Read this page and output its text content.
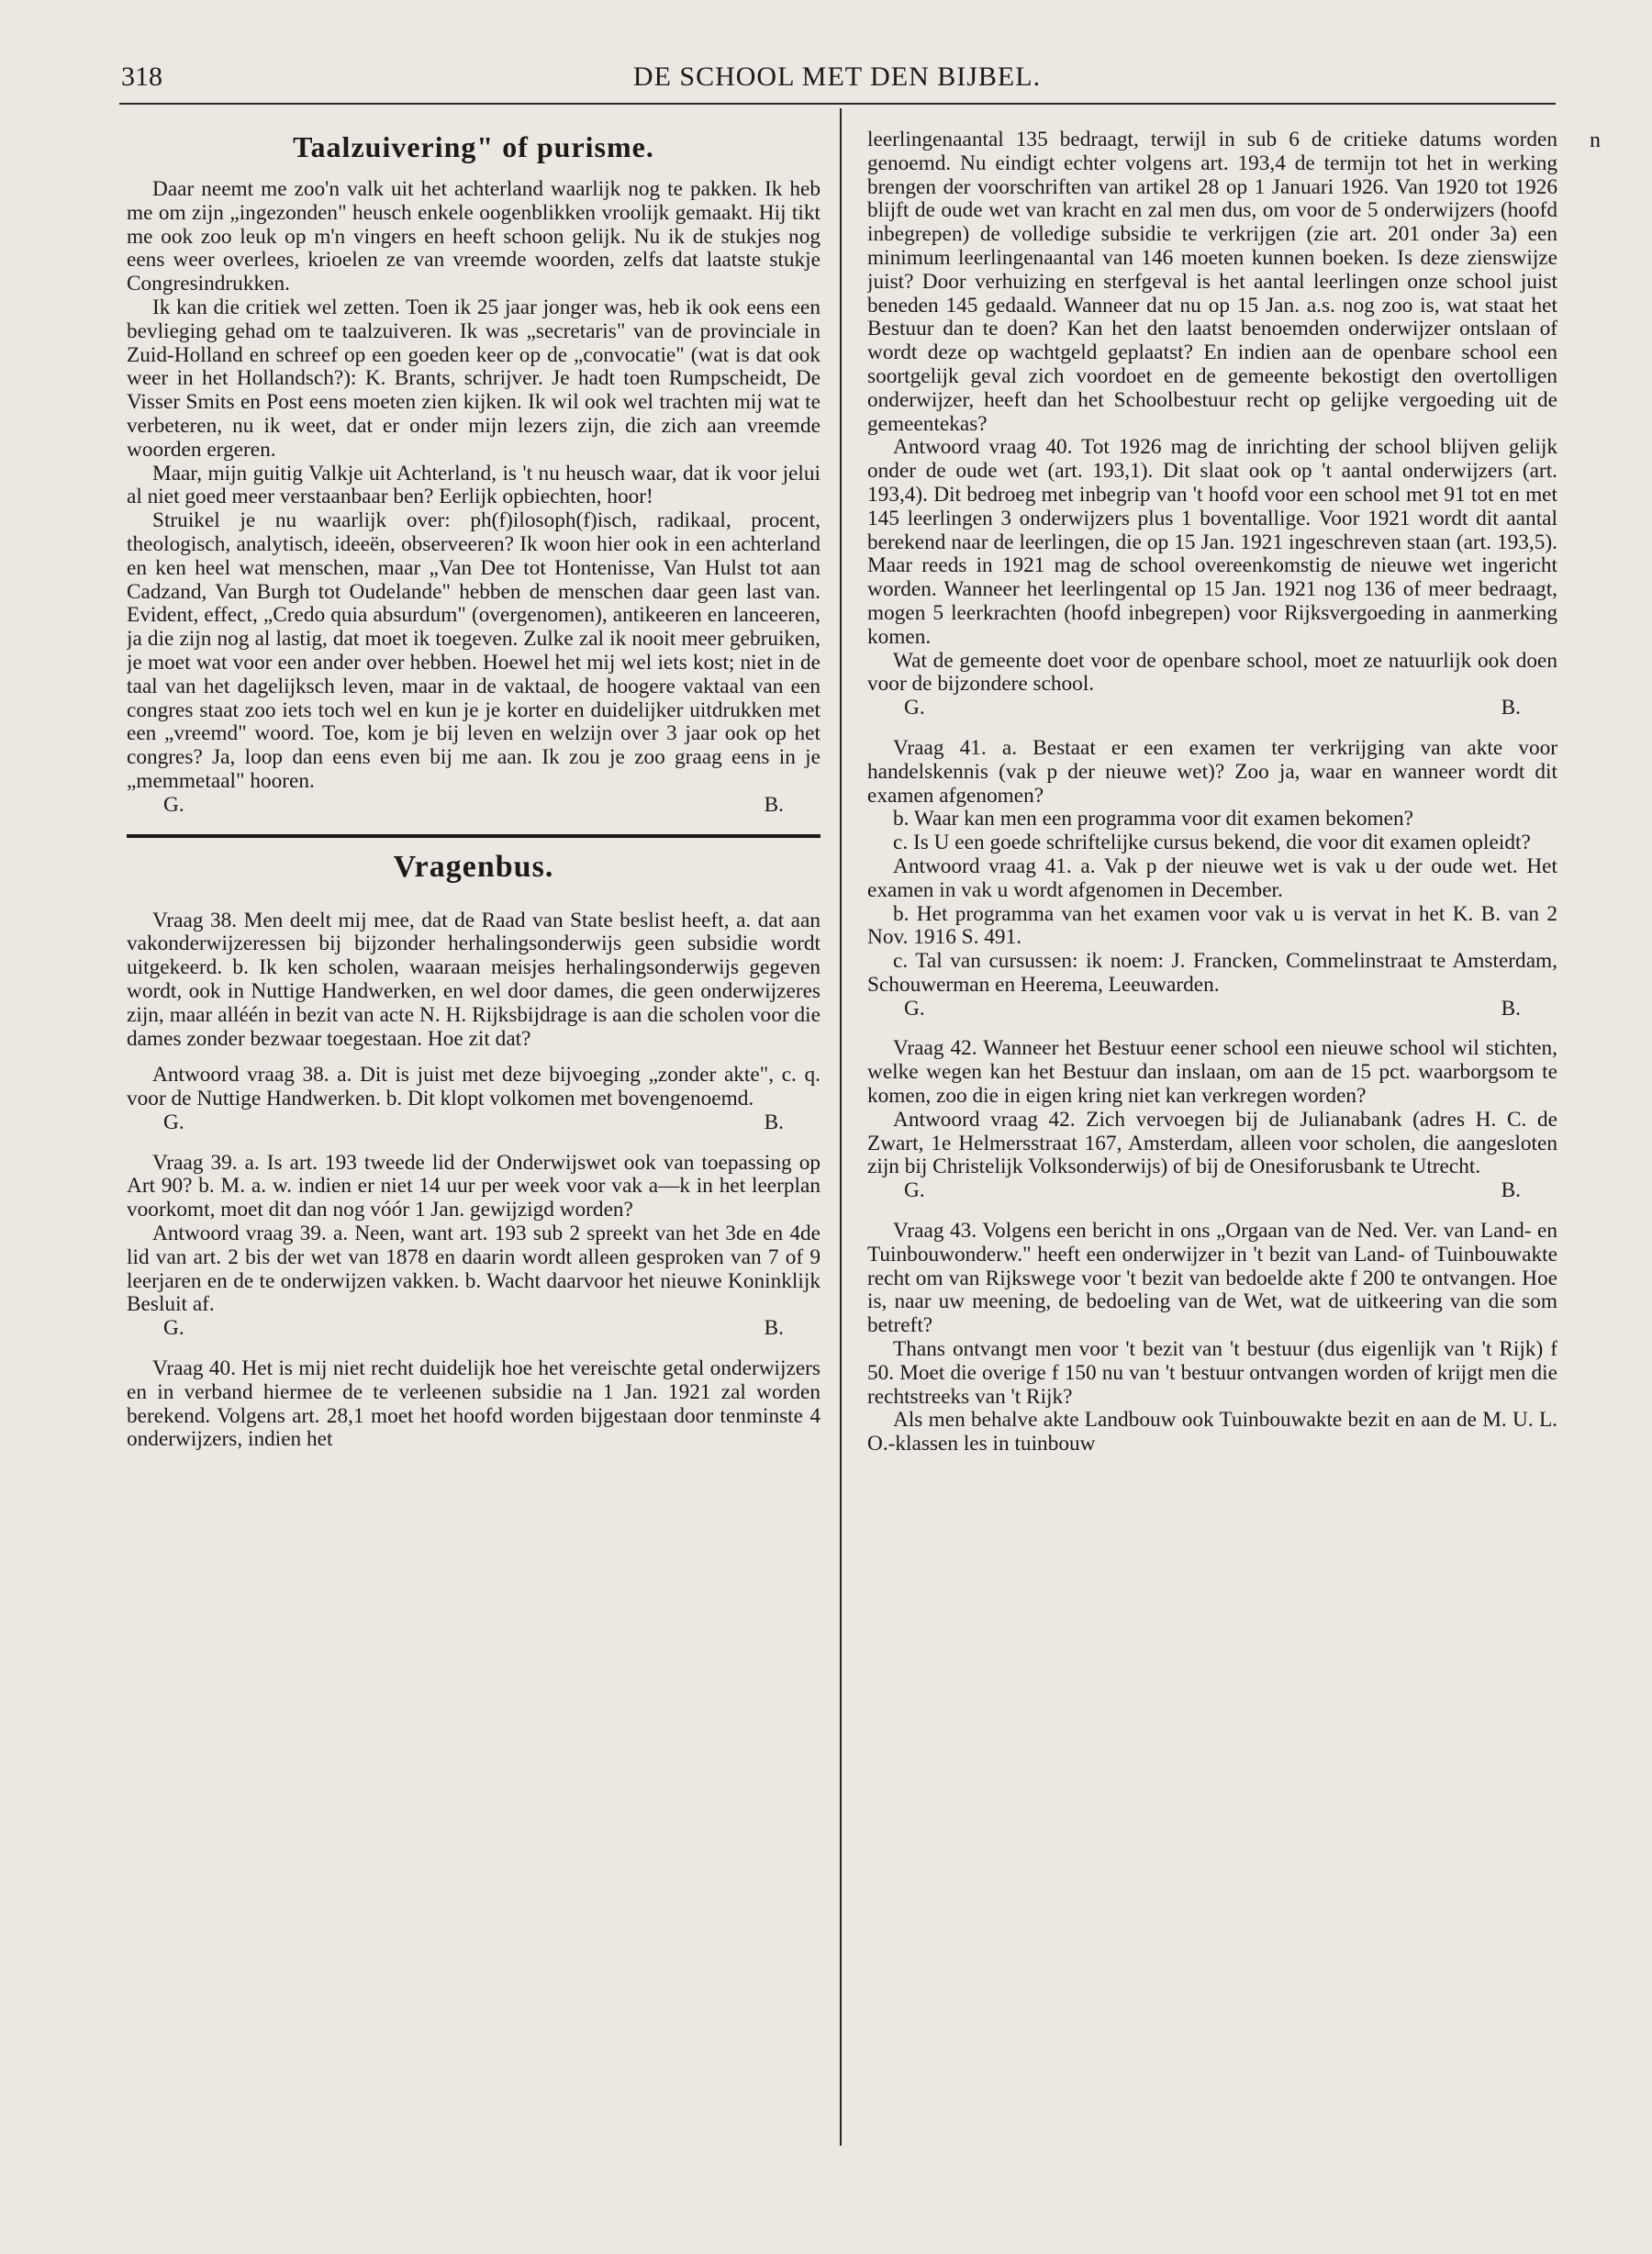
318	DE SCHOOL MET DEN BIJBEL.
n
Taalzuivering" of purisme.

Daar neemt me zoo'n valk uit het achterland waarlijk nog te pakken. Ik heb me om zijn „ingezonden" heusch enkele oogenblikken vroolijk gemaakt. Hij tikt me ook zoo leuk op m'n vingers en heeft schoon gelijk. Nu ik de stukjes nog eens weer overlees, krioelen ze van vreemde woorden, zelfs dat laatste stukje Congresindrukken.

Ik kan die critiek wel zetten. Toen ik 25 jaar jonger was, heb ik ook eens een bevlieging gehad om te taalzuiveren. Ik was „secretaris" van de provinciale in Zuid-Holland en schreef op een goeden keer op de „convocatie" (wat is dat ook weer in het Hollandsch?): K. Brants, schrijver. Je hadt toen Rumpscheidt, De Visser Smits en Post eens moeten zien kijken. Ik wil ook wel trachten mij wat te verbeteren, nu ik weet, dat er onder mijn lezers zijn, die zich aan vreemde woorden ergeren.

Maar, mijn guitig Valkje uit Achterland, is 't nu heusch waar, dat ik voor jelui al niet goed meer verstaanbaar ben? Eerlijk opbiechten, hoor!

Struikel je nu waarlijk over: ph(f)ilosoph(f)isch, radikaal, procent, theologisch, analytisch, ideeën, observeeren? Ik woon hier ook in een achterland en ken heel wat menschen, maar „Van Dee tot Hontenisse, Van Hulst tot aan Cadzand, Van Burgh tot Oudelande" hebben de menschen daar geen last van. Evident, effect, „Credo quia absurdum" (overgenomen), antikeeren en lanceeren, ja die zijn nog al lastig, dat moet ik toegeven. Zulke zal ik nooit meer gebruiken, je moet wat voor een ander over hebben. Hoewel het mij wel iets kost; niet in de taal van het dagelijksch leven, maar in de vaktaal, de hoogere vaktaal van een congres staat zoo iets toch wel en kun je je korter en duidelijker uitdrukken met een „vreemd" woord. Toe, kom je bij leven en welzijn over 3 jaar ook op het congres? Ja, loop dan eens even bij me aan. Ik zou je zoo graag eens in je „memmetaal" hooren.

G.	B.
Vragenbus.

Vraag 38. Men deelt mij mee, dat de Raad van State beslist heeft, a. dat aan vakonderwijzeressen bij bijzonder herhalingsonderwijs geen subsidie wordt uitgekeerd. b. Ik ken scholen, waaraan meisjes herhalingsonderwijs gegeven wordt, ook in Nuttige Handwerken, en wel door dames, die geen onderwijzeres zijn, maar alléén in bezit van acte N. H. Rijksbijdrage is aan die scholen voor die dames zonder bezwaar toegestaan. Hoe zit dat?

Antwoord vraag 38. a. Dit is juist met deze bijvoeging „zonder akte", c. q. voor de Nuttige Handwerken. b. Dit klopt volkomen met bovengenoemd.

G.	B.

Vraag 39. a. Is art. 193 tweede lid der Onderwijswet ook van toepassing op Art 90? b. M. a. w. indien er niet 14 uur per week voor vak a—k in het leerplan voorkomt, moet dit dan nog vóór 1 Jan. gewijzigd worden?

Antwoord vraag 39. a. Neen, want art. 193 sub 2 spreekt van het 3de en 4de lid van art. 2 bis der wet van 1878 en daarin wordt alleen gesproken van 7 of 9 leerjaren en de te onderwijzen vakken. b. Wacht daarvoor het nieuwe Koninklijk Besluit af.

G.	B.

Vraag 40. Het is mij niet recht duidelijk hoe het vereischte getal onderwijzers en in verband hiermee de te verleenen subsidie na 1 Jan. 1921 zal worden berekend. Volgens art. 28,1 moet het hoofd worden bijgestaan door tenminste 4 onderwijzers, indien het

leerlingenaantal 135 bedraagt, terwijl in sub 6 de critieke datums worden genoemd. Nu eindigt echter volgens art. 193,4 de termijn tot het in werking brengen der voorschriften van artikel 28 op 1 Januari 1926. Van 1920 tot 1926 blijft de oude wet van kracht en zal men dus, om voor de 5 onderwijzers (hoofd inbegrepen) de volledige subsidie te verkrijgen (zie art. 201 onder 3a) een minimum leerlingenaantal van 146 moeten kunnen boeken. Is deze zienswijze juist? Door verhuizing en sterfgeval is het aantal leerlingen onze school juist beneden 145 gedaald. Wanneer dat nu op 15 Jan. a.s. nog zoo is, wat staat het Bestuur dan te doen? Kan het den laatst benoemden onderwijzer ontslaan of wordt deze op wachtgeld geplaatst? En indien aan de openbare school een soortgelijk geval zich voordoet en de gemeente bekostigt den overtolligen onderwijzer, heeft dan het Schoolbestuur recht op gelijke vergoeding uit de gemeentekas?

Antwoord vraag 40. Tot 1926 mag de inrichting der school blijven gelijk onder de oude wet (art. 193,1). Dit slaat ook op 't aantal onderwijzers (art. 193,4). Dit bedroeg met inbegrip van 't hoofd voor een school met 91 tot en met 145 leerlingen 3 onderwijzers plus 1 boventallige. Voor 1921 wordt dit aantal berekend naar de leerlingen, die op 15 Jan. 1921 ingeschreven staan (art. 193,5). Maar reeds in 1921 mag de school overeenkomstig de nieuwe wet ingericht worden. Wanneer het leerlingental op 15 Jan. 1921 nog 136 of meer bedraagt, mogen 5 leerkrachten (hoofd inbegrepen) voor Rijksvergoeding in aanmerking komen.

Wat de gemeente doet voor de openbare school, moet ze natuurlijk ook doen voor de bijzondere school.

G.	B.

Vraag 41. a. Bestaat er een examen ter verkrijging van akte voor handelskennis (vak p der nieuwe wet)? Zoo ja, waar en wanneer wordt dit examen afgenomen?

b. Waar kan men een programma voor dit examen bekomen?

c. Is U een goede schriftelijke cursus bekend, die voor dit examen opleidt?

Antwoord vraag 41. a. Vak p der nieuwe wet is vak u der oude wet. Het examen in vak u wordt afgenomen in December.

b. Het programma van het examen voor vak u is vervat in het K. B. van 2 Nov. 1916 S. 491.

c. Tal van cursussen: ik noem: J. Francken, Commelinstraat te Amsterdam, Schouwerman en Heerema, Leeuwarden.

G.	B.

Vraag 42. Wanneer het Bestuur eener school een nieuwe school wil stichten, welke wegen kan het Bestuur dan inslaan, om aan de 15 pct. waarborgsom te komen, zoo die in eigen kring niet kan verkregen worden?

Antwoord vraag 42. Zich vervoegen bij de Julianabank (adres H. C. de Zwart, 1e Helmersstraat 167, Amsterdam, alleen voor scholen, die aangesloten zijn bij Christelijk Volksonderwijs) of bij de Onesiforusbank te Utrecht.

G.	B.

Vraag 43. Volgens een bericht in ons „Orgaan van de Ned. Ver. van Land- en Tuinbouwonderw." heeft een onderwijzer in 't bezit van Land- of Tuinbouwakte recht om van Rijkswege voor 't bezit van bedoelde akte f 200 te ontvangen. Hoe is, naar uw meening, de bedoeling van de Wet, wat de uitkeering van die som betreft?

Thans ontvangt men voor 't bezit van 't bestuur (dus eigenlijk van 't Rijk) f 50. Moet die overige f 150 nu van 't bestuur ontvangen worden of krijgt men die rechtstreeks van 't Rijk?

Als men behalve akte Landbouw ook Tuinbouwakte bezit en aan de M. U. L. O.-klassen les in tuinbouw
